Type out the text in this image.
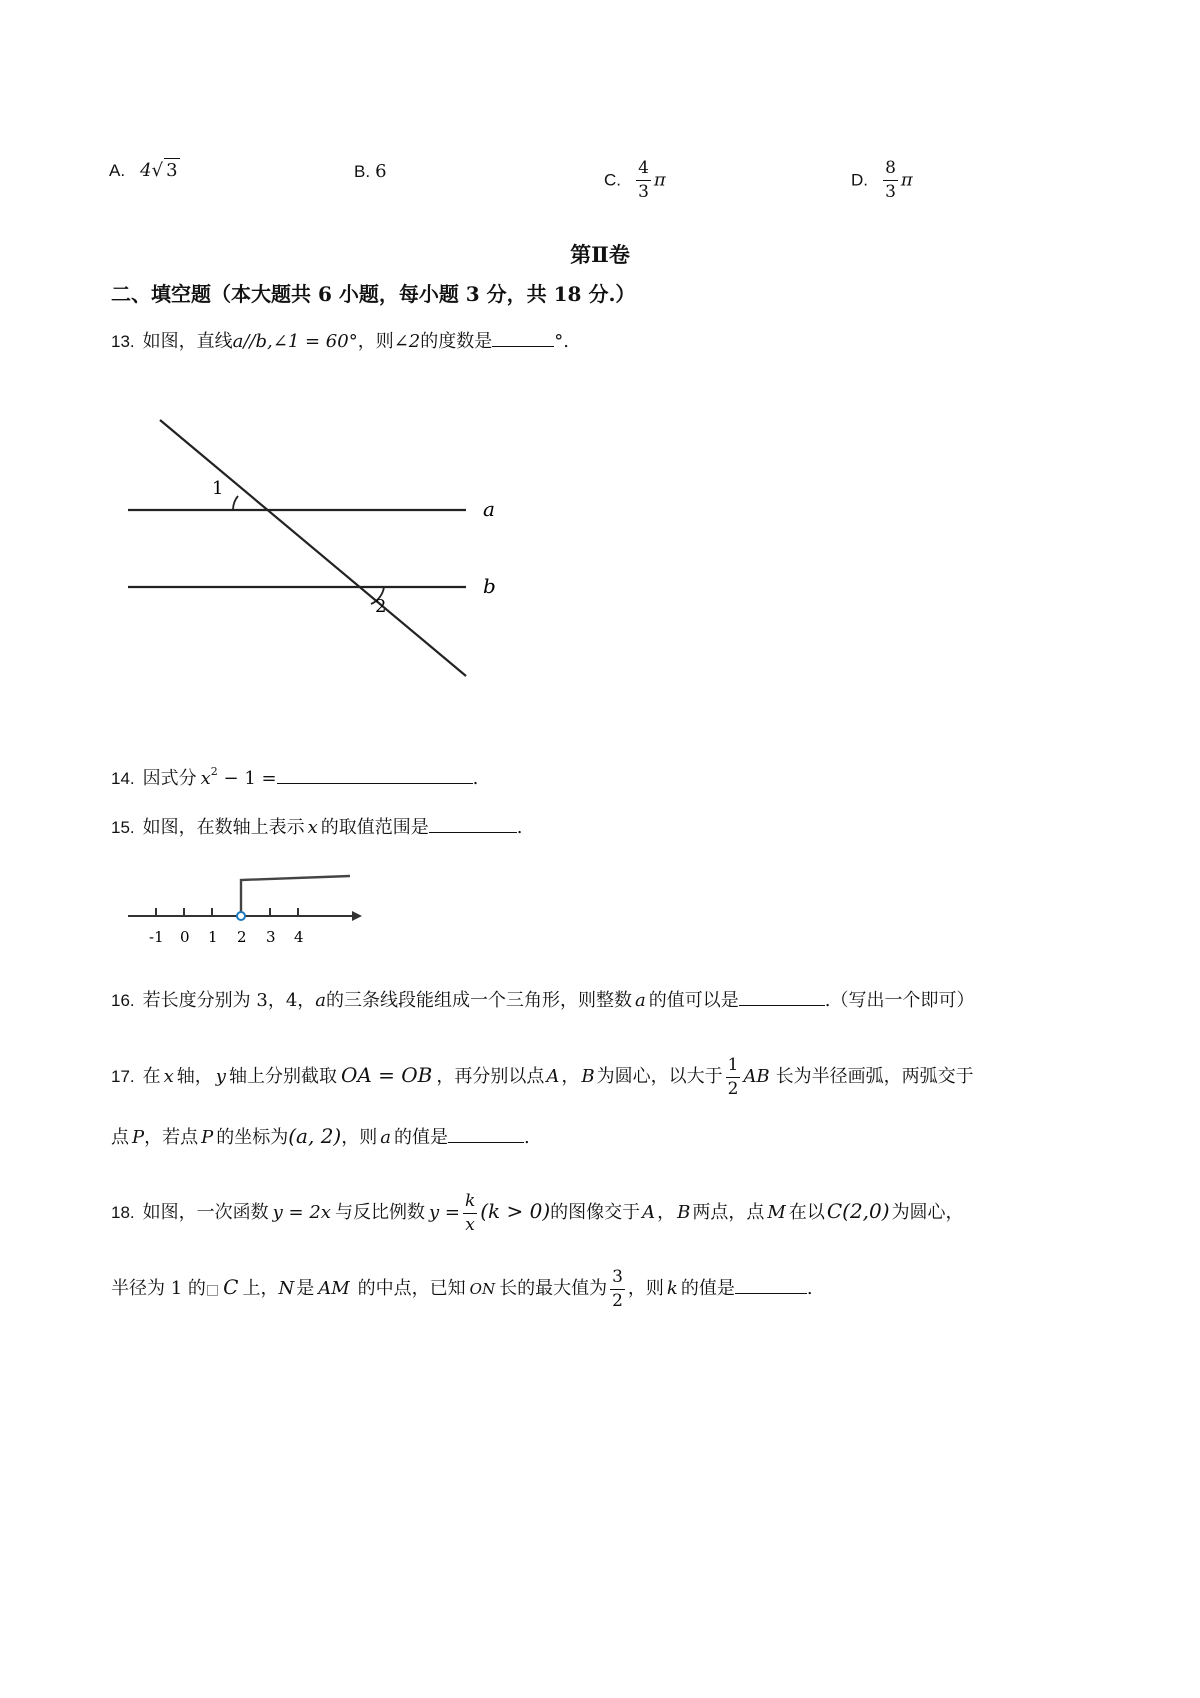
A. 4√ 3	B. 6	C. $\frac{4}{3}$ π	D. $\frac{8}{3}$ π
第Ⅱ卷
二、填空题（本大题共 6 小题，每小题 3 分，共 18 分.）
13. 如图，直线a//b,∠1 = 60°，则∠2的度数是	°.
1
2
a
b
14. 因式分 $x^2 - 1$ =	.
15. 如图，在数轴上表示 x 的取值范围是	.
-1 0 1 2 3 4
16. 若长度分别为 3，4，a的三条线段能组成一个三角形，则整数 a 的值可以是	.（写出一个即可）
17. 在 x 轴， y 轴上分别截取 OA = OB ，再分别以点 A ， B 为圆心，以大于 $\frac{1}{2}$ AB 长为半径画弧，两弧交于
点 P，若点 P 的坐标为(a, 2)，则 a 的值是	.
18. 如图，一次函数 y = 2x 与反比例数 $y = \frac{k}{x} (k > 0)$的图像交于 A ， B 两点，点 M 在以 C(2,0) 为圆心，
半径为 1 的□ C 上，N 是 AM 的中点，已知 ON 长的最大值为 $\frac{3}{2}$ ，则 k 的值是	.
